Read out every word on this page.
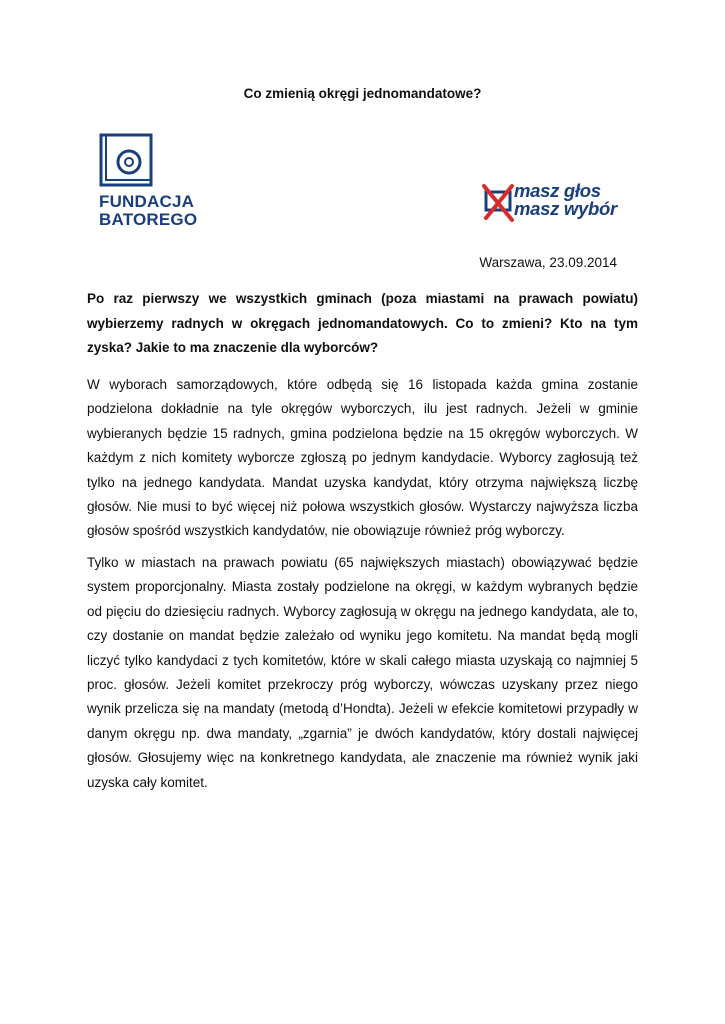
Co zmienią okręgi jednomandatowe?
FUNDACJA
BATOREGO
masz głos
masz wybór
Warszawa, 23.09.2014

Po raz pierwszy we wszystkich gminach (poza miastami na prawach powiatu) wybierzemy radnych w okręgach jednomandatowych. Co to zmieni? Kto na tym zyska? Jakie to ma znaczenie dla wyborców?

W wyborach samorządowych, które odbędą się 16 listopada każda gmina zostanie podzielona dokładnie na tyle okręgów wyborczych, ilu jest radnych. Jeżeli w gminie wybieranych będzie 15 radnych, gmina podzielona będzie na 15 okręgów wyborczych. W każdym z nich komitety wyborcze zgłoszą po jednym kandydacie. Wyborcy zagłosują też tylko na jednego kandydata. Mandat uzyska kandydat, który otrzyma największą liczbę głosów. Nie musi to być więcej niż połowa wszystkich głosów. Wystarczy najwyższa liczba głosów spośród wszystkich kandydatów, nie obowiązuje również próg wyborczy.

Tylko w miastach na prawach powiatu (65 największych miastach) obowiązywać będzie system proporcjonalny. Miasta zostały podzielone na okręgi, w każdym wybranych będzie od pięciu do dziesięciu radnych. Wyborcy zagłosują w okręgu na jednego kandydata, ale to, czy dostanie on mandat będzie zależało od wyniku jego komitetu. Na mandat będą mogli liczyć tylko kandydaci z tych komitetów, które w skali całego miasta uzyskają co najmniej 5 proc. głosów. Jeżeli komitet przekroczy próg wyborczy, wówczas uzyskany przez niego wynik przelicza się na mandaty (metodą d’Hondta). Jeżeli w efekcie komitetowi przypadły w danym okręgu np. dwa mandaty, „zgarnia” je dwóch kandydatów, który dostali najwięcej głosów. Głosujemy więc na konkretnego kandydata, ale znaczenie ma również wynik jaki uzyska cały komitet.
